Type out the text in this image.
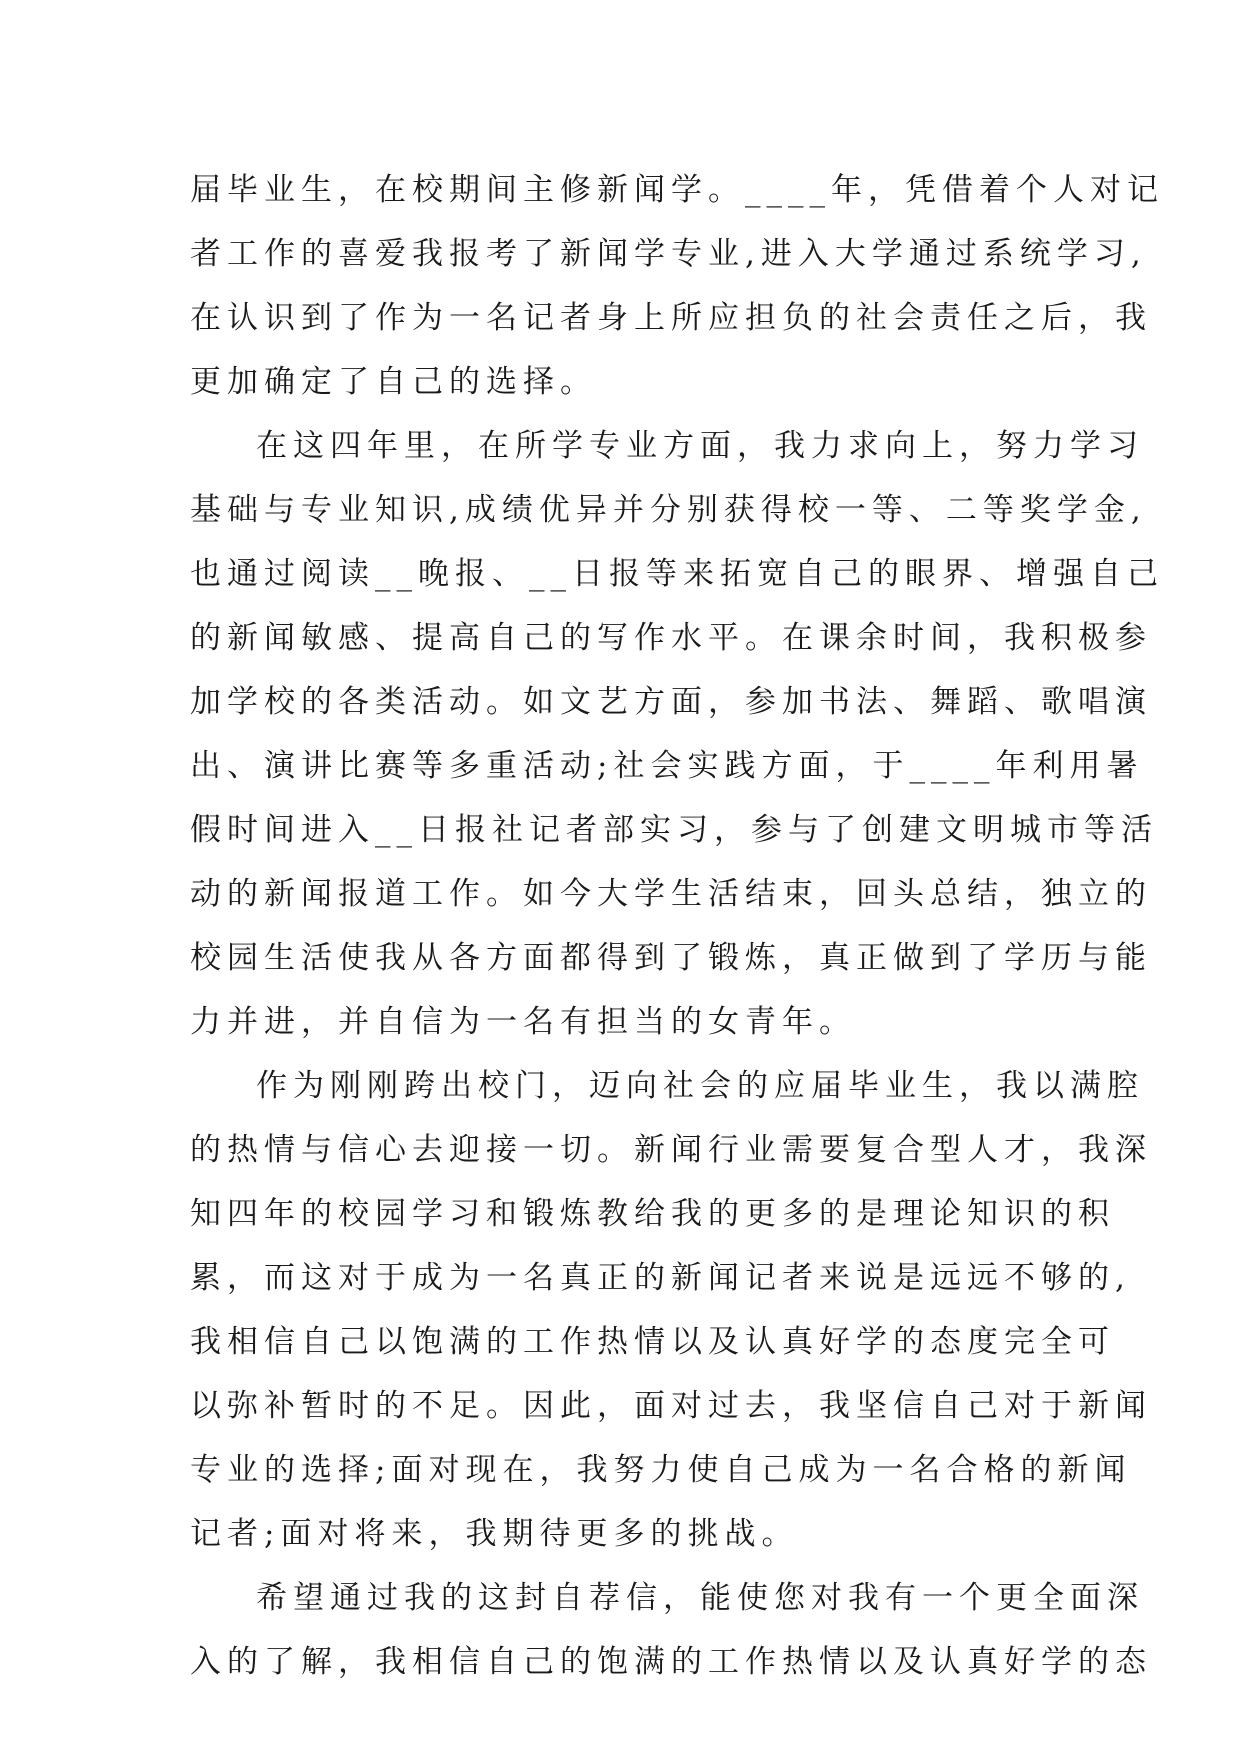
届毕业生，在校期间主修新闻学。____年，凭借着个人对记
者工作的喜爱我报考了新闻学专业,进入大学通过系统学习,
在认识到了作为一名记者身上所应担负的社会责任之后，我
更加确定了自己的选择。
在这四年里，在所学专业方面，我力求向上，努力学习
基础与专业知识,成绩优异并分别获得校一等、二等奖学金,
也通过阅读__晚报、__日报等来拓宽自己的眼界、增强自己
的新闻敏感、提高自己的写作水平。在课余时间，我积极参
加学校的各类活动。如文艺方面，参加书法、舞蹈、歌唱演
出、演讲比赛等多重活动;社会实践方面，于____年利用暑
假时间进入__日报社记者部实习，参与了创建文明城市等活
动的新闻报道工作。如今大学生活结束，回头总结，独立的
校园生活使我从各方面都得到了锻炼，真正做到了学历与能
力并进，并自信为一名有担当的女青年。
作为刚刚跨出校门，迈向社会的应届毕业生，我以满腔
的热情与信心去迎接一切。新闻行业需要复合型人才，我深
知四年的校园学习和锻炼教给我的更多的是理论知识的积
累，而这对于成为一名真正的新闻记者来说是远远不够的,
我相信自己以饱满的工作热情以及认真好学的态度完全可
以弥补暂时的不足。因此，面对过去，我坚信自己对于新闻
专业的选择;面对现在，我努力使自己成为一名合格的新闻
记者;面对将来，我期待更多的挑战。
希望通过我的这封自荐信，能使您对我有一个更全面深
入的了解，我相信自己的饱满的工作热情以及认真好学的态
